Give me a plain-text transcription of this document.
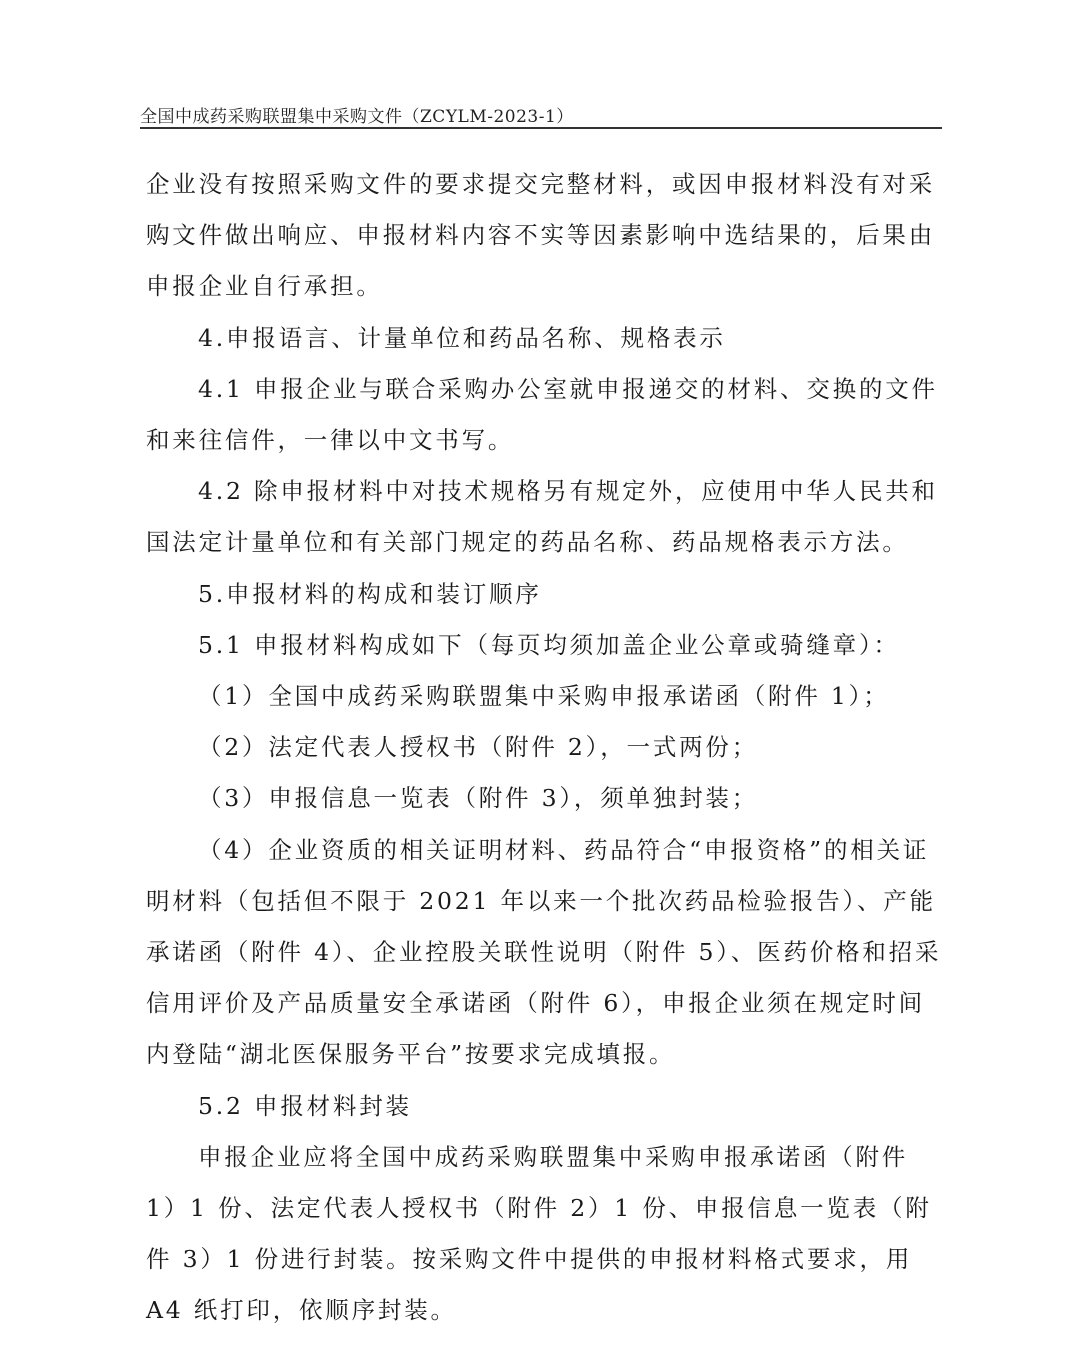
全国中成药采购联盟集中采购文件（ZCYLM-2023-1）

企业没有按照采购文件的要求提交完整材料，或因申报材料没有对采购文件做出响应、申报材料内容不实等因素影响中选结果的，后果由申报企业自行承担。

4.申报语言、计量单位和药品名称、规格表示

4.1 申报企业与联合采购办公室就申报递交的材料、交换的文件和来往信件，一律以中文书写。

4.2 除申报材料中对技术规格另有规定外，应使用中华人民共和国法定计量单位和有关部门规定的药品名称、药品规格表示方法。

5.申报材料的构成和装订顺序

5.1 申报材料构成如下（每页均须加盖企业公章或骑缝章）：

（1）全国中成药采购联盟集中采购申报承诺函（附件 1）；

（2）法定代表人授权书（附件 2），一式两份；

（3）申报信息一览表（附件 3），须单独封装；

（4）企业资质的相关证明材料、药品符合“申报资格”的相关证明材料（包括但不限于 2021 年以来一个批次药品检验报告）、产能承诺函（附件 4）、企业控股关联性说明（附件 5）、医药价格和招采信用评价及产品质量安全承诺函（附件 6），申报企业须在规定时间内登陆“湖北医保服务平台”按要求完成填报。

5.2 申报材料封装

申报企业应将全国中成药采购联盟集中采购申报承诺函（附件 1）1 份、法定代表人授权书（附件 2）1 份、申报信息一览表（附件 3）1 份进行封装。按采购文件中提供的申报材料格式要求，用 A4 纸打印，依顺序封装。
